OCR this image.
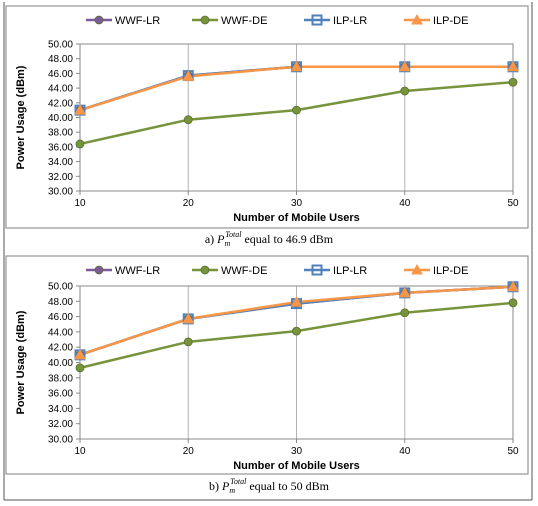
30.00
32.00
34.00
36.00
38.00
40.00
42.00
44.00
46.00
48.00
50.00
10	20	30	40	50
Number of Mobile Users
Power Usage (dBm)
WWF-LR	WWF-DE	ILP-LR	ILP-DE
a) $P_mTotal$ equal to 46.9 dBm
30.00
32.00
34.00
36.00
38.00
40.00
42.00
44.00
46.00
48.00
50.00
10	20	30	40	50
Number of Mobile Users
Power Usage (dBm)
WWF-LR	WWF-DE	ILP-LR	ILP-DE
b) $P_mTotal$ equal to 50 dBm
